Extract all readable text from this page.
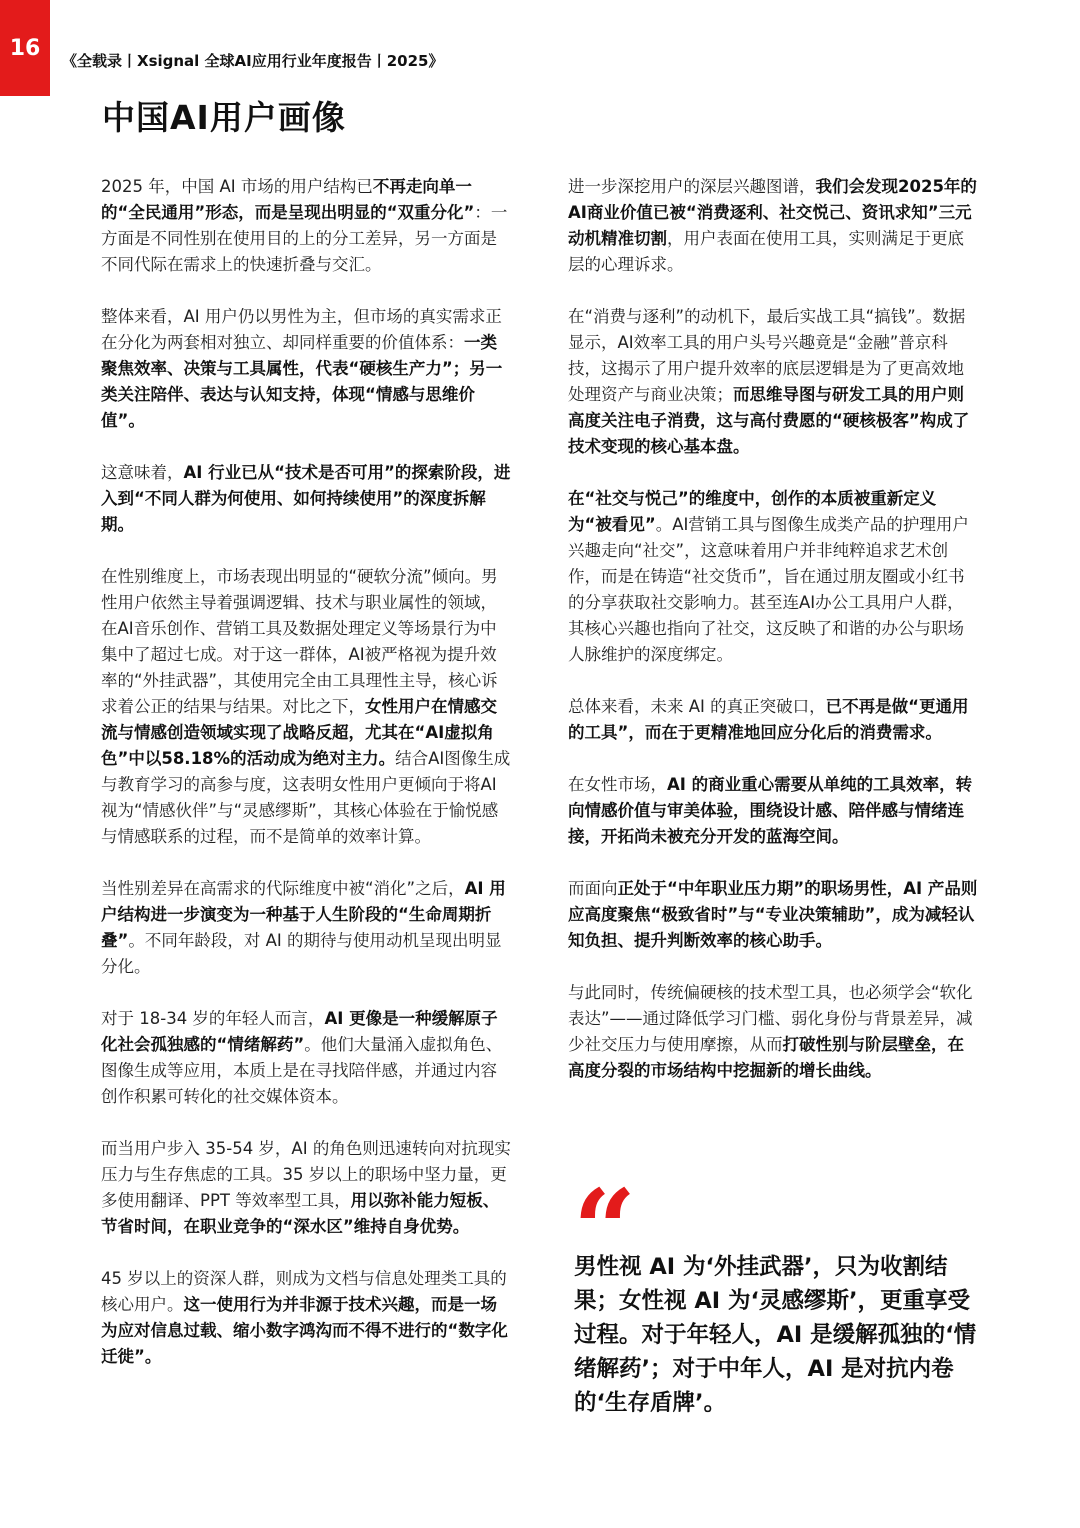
16
《全载录丨Xsignal 全球AI应用行业年度报告丨2025》
中国AI用户画像

2025 年，中国 AI 市场的用户结构已不再走向单一的“全民通用”形态，而是呈现出明显的“双重分化”：一方面是不同性别在使用目的上的分工差异，另一方面是不同代际在需求上的快速折叠与交汇。

整体来看，AI 用户仍以男性为主，但市场的真实需求正在分化为两套相对独立、却同样重要的价值体系：一类聚焦效率、决策与工具属性，代表“硬核生产力”；另一类关注陪伴、表达与认知支持，体现“情感与思维价值”。

这意味着，AI 行业已从“技术是否可用”的探索阶段，进入到“不同人群为何使用、如何持续使用”的深度拆解期。

在性别维度上，市场表现出明显的“硬软分流”倾向。男性用户依然主导着强调逻辑、技术与职业属性的领域，在AI音乐创作、营销工具及数据处理定义等场景行为中集中了超过七成。对于这一群体，AI被严格视为提升效率的“外挂武器”，其使用完全由工具理性主导，核心诉求着公正的结果与结果。对比之下，女性用户在情感交流与情感创造领域实现了战略反超，尤其在“AI虚拟角色”中以58.18%的活动成为绝对主力。结合AI图像生成与教育学习的高参与度，这表明女性用户更倾向于将AI视为“情感伙伴”与“灵感缪斯”，其核心体验在于愉悦感与情感联系的过程，而不是简单的效率计算。

当性别差异在高需求的代际维度中被“消化”之后，AI 用户结构进一步演变为一种基于人生阶段的“生命周期折叠”。不同年龄段，对 AI 的期待与使用动机呈现出明显分化。

对于 18-34 岁的年轻人而言，AI 更像是一种缓解原子化社会孤独感的“情绪解药”。他们大量涌入虚拟角色、图像生成等应用，本质上是在寻找陪伴感，并通过内容创作积累可转化的社交媒体资本。

而当用户步入 35-54 岁，AI 的角色则迅速转向对抗现实压力与生存焦虑的工具。35 岁以上的职场中坚力量，更多使用翻译、PPT 等效率型工具，用以弥补能力短板、节省时间，在职业竞争的“深水区”维持自身优势。

45 岁以上的资深人群，则成为文档与信息处理类工具的核心用户。这一使用行为并非源于技术兴趣，而是一场为应对信息过载、缩小数字鸿沟而不得不进行的“数字化迁徙”。

进一步深挖用户的深层兴趣图谱，我们会发现2025年的AI商业价值已被“消费逐利、社交悦己、资讯求知”三元动机精准切割，用户表面在使用工具，实则满足于更底层的心理诉求。

在“消费与逐利”的动机下，最后实战工具“搞钱”。数据显示，AI效率工具的用户头号兴趣竟是“金融”普京科技，这揭示了用户提升效率的底层逻辑是为了更高效地处理资产与商业决策；而思维导图与研发工具的用户则高度关注电子消费，这与高付费愿的“硬核极客”构成了技术变现的核心基本盘。

在“社交与悦己”的维度中，创作的本质被重新定义为“被看见”。AI营销工具与图像生成类产品的护理用户兴趣走向“社交”，这意味着用户并非纯粹追求艺术创作，而是在铸造“社交货币”，旨在通过朋友圈或小红书的分享获取社交影响力。甚至连AI办公工具用户人群，其核心兴趣也指向了社交，这反映了和谐的办公与职场人脉维护的深度绑定。

总体来看，未来 AI 的真正突破口，已不再是做“更通用的工具”，而在于更精准地回应分化后的消费需求。

在女性市场，AI 的商业重心需要从单纯的工具效率，转向情感价值与审美体验，围绕设计感、陪伴感与情绪连接，开拓尚未被充分开发的蓝海空间。

而面向正处于“中年职业压力期”的职场男性，AI 产品则应高度聚焦“极致省时”与“专业决策辅助”，成为减轻认知负担、提升判断效率的核心助手。

与此同时，传统偏硬核的技术型工具，也必须学会“软化表达”——通过降低学习门槛、弱化身份与背景差异，减少社交压力与使用摩擦，从而打破性别与阶层壁垒，在高度分裂的市场结构中挖掘新的增长曲线。

“

男性视 AI 为‘外挂武器’，只为收割结果；女性视 AI 为‘灵感缪斯’，更重享受过程。对于年轻人，AI 是缓解孤独的‘情绪解药’；对于中年人，AI 是对抗内卷的‘生存盾牌’。
